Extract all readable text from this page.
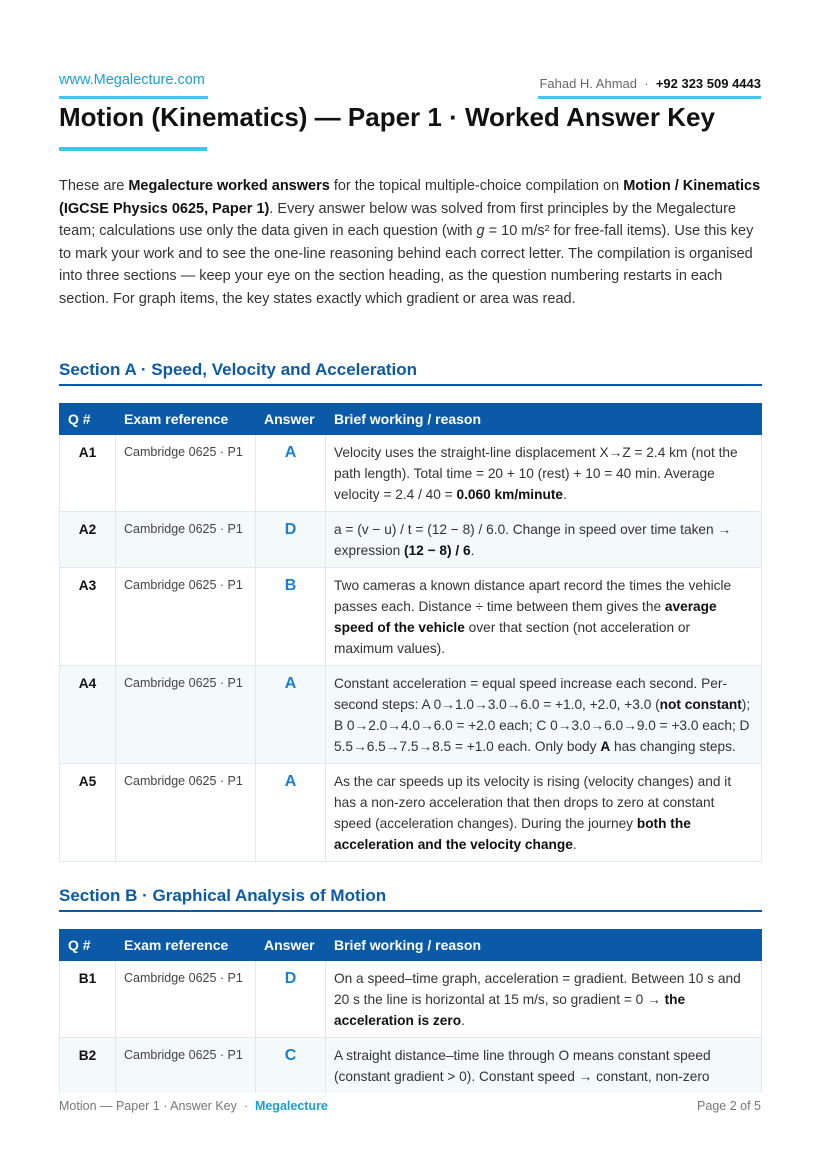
www.Megalecture.com	Fahad H. Ahmad · +92 323 509 4443
Motion (Kinematics) — Paper 1 · Worked Answer Key

These are Megalecture worked answers for the topical multiple-choice compilation on Motion / Kinematics (IGCSE Physics 0625, Paper 1). Every answer below was solved from first principles by the Megalecture team; calculations use only the data given in each question (with g = 10 m/s² for free-fall items). Use this key to mark your work and to see the one-line reasoning behind each correct letter. The compilation is organised into three sections — keep your eye on the section heading, as the question numbering restarts in each section. For graph items, the key states exactly which gradient or area was read.

Section A · Speed, Velocity and Acceleration
Q #	Exam reference	Answer	Brief working / reason
A1	Cambridge 0625 · P1	A	Velocity uses the straight-line displacement X→Z = 2.4 km (not the path length). Total time = 20 + 10 (rest) + 10 = 40 min. Average velocity = 2.4 / 40 = 0.060 km/minute.
A2	Cambridge 0625 · P1	D	a = (v − u) / t = (12 − 8) / 6.0. Change in speed over time taken → expression (12 − 8) / 6.
A3	Cambridge 0625 · P1	B	Two cameras a known distance apart record the times the vehicle passes each. Distance ÷ time between them gives the average speed of the vehicle over that section (not acceleration or maximum values).
A4	Cambridge 0625 · P1	A	Constant acceleration = equal speed increase each second. Per-second steps: A 0→1.0→3.0→6.0 = +1.0, +2.0, +3.0 (not constant); B 0→2.0→4.0→6.0 = +2.0 each; C 0→3.0→6.0→9.0 = +3.0 each; D 5.5→6.5→7.5→8.5 = +1.0 each. Only body A has changing steps.
A5	Cambridge 0625 · P1	A	As the car speeds up its velocity is rising (velocity changes) and it has a non-zero acceleration that then drops to zero at constant speed (acceleration changes). During the journey both the acceleration and the velocity change.
Section B · Graphical Analysis of Motion
Q #	Exam reference	Answer	Brief working / reason
B1	Cambridge 0625 · P1	D	On a speed–time graph, acceleration = gradient. Between 10 s and 20 s the line is horizontal at 15 m/s, so gradient = 0 → the acceleration is zero.
B2	Cambridge 0625 · P1	C	A straight distance–time line through O means constant speed (constant gradient > 0). Constant speed → constant, non-zero
Motion — Paper 1 · Answer Key · Megalecture	Page 2 of 5
